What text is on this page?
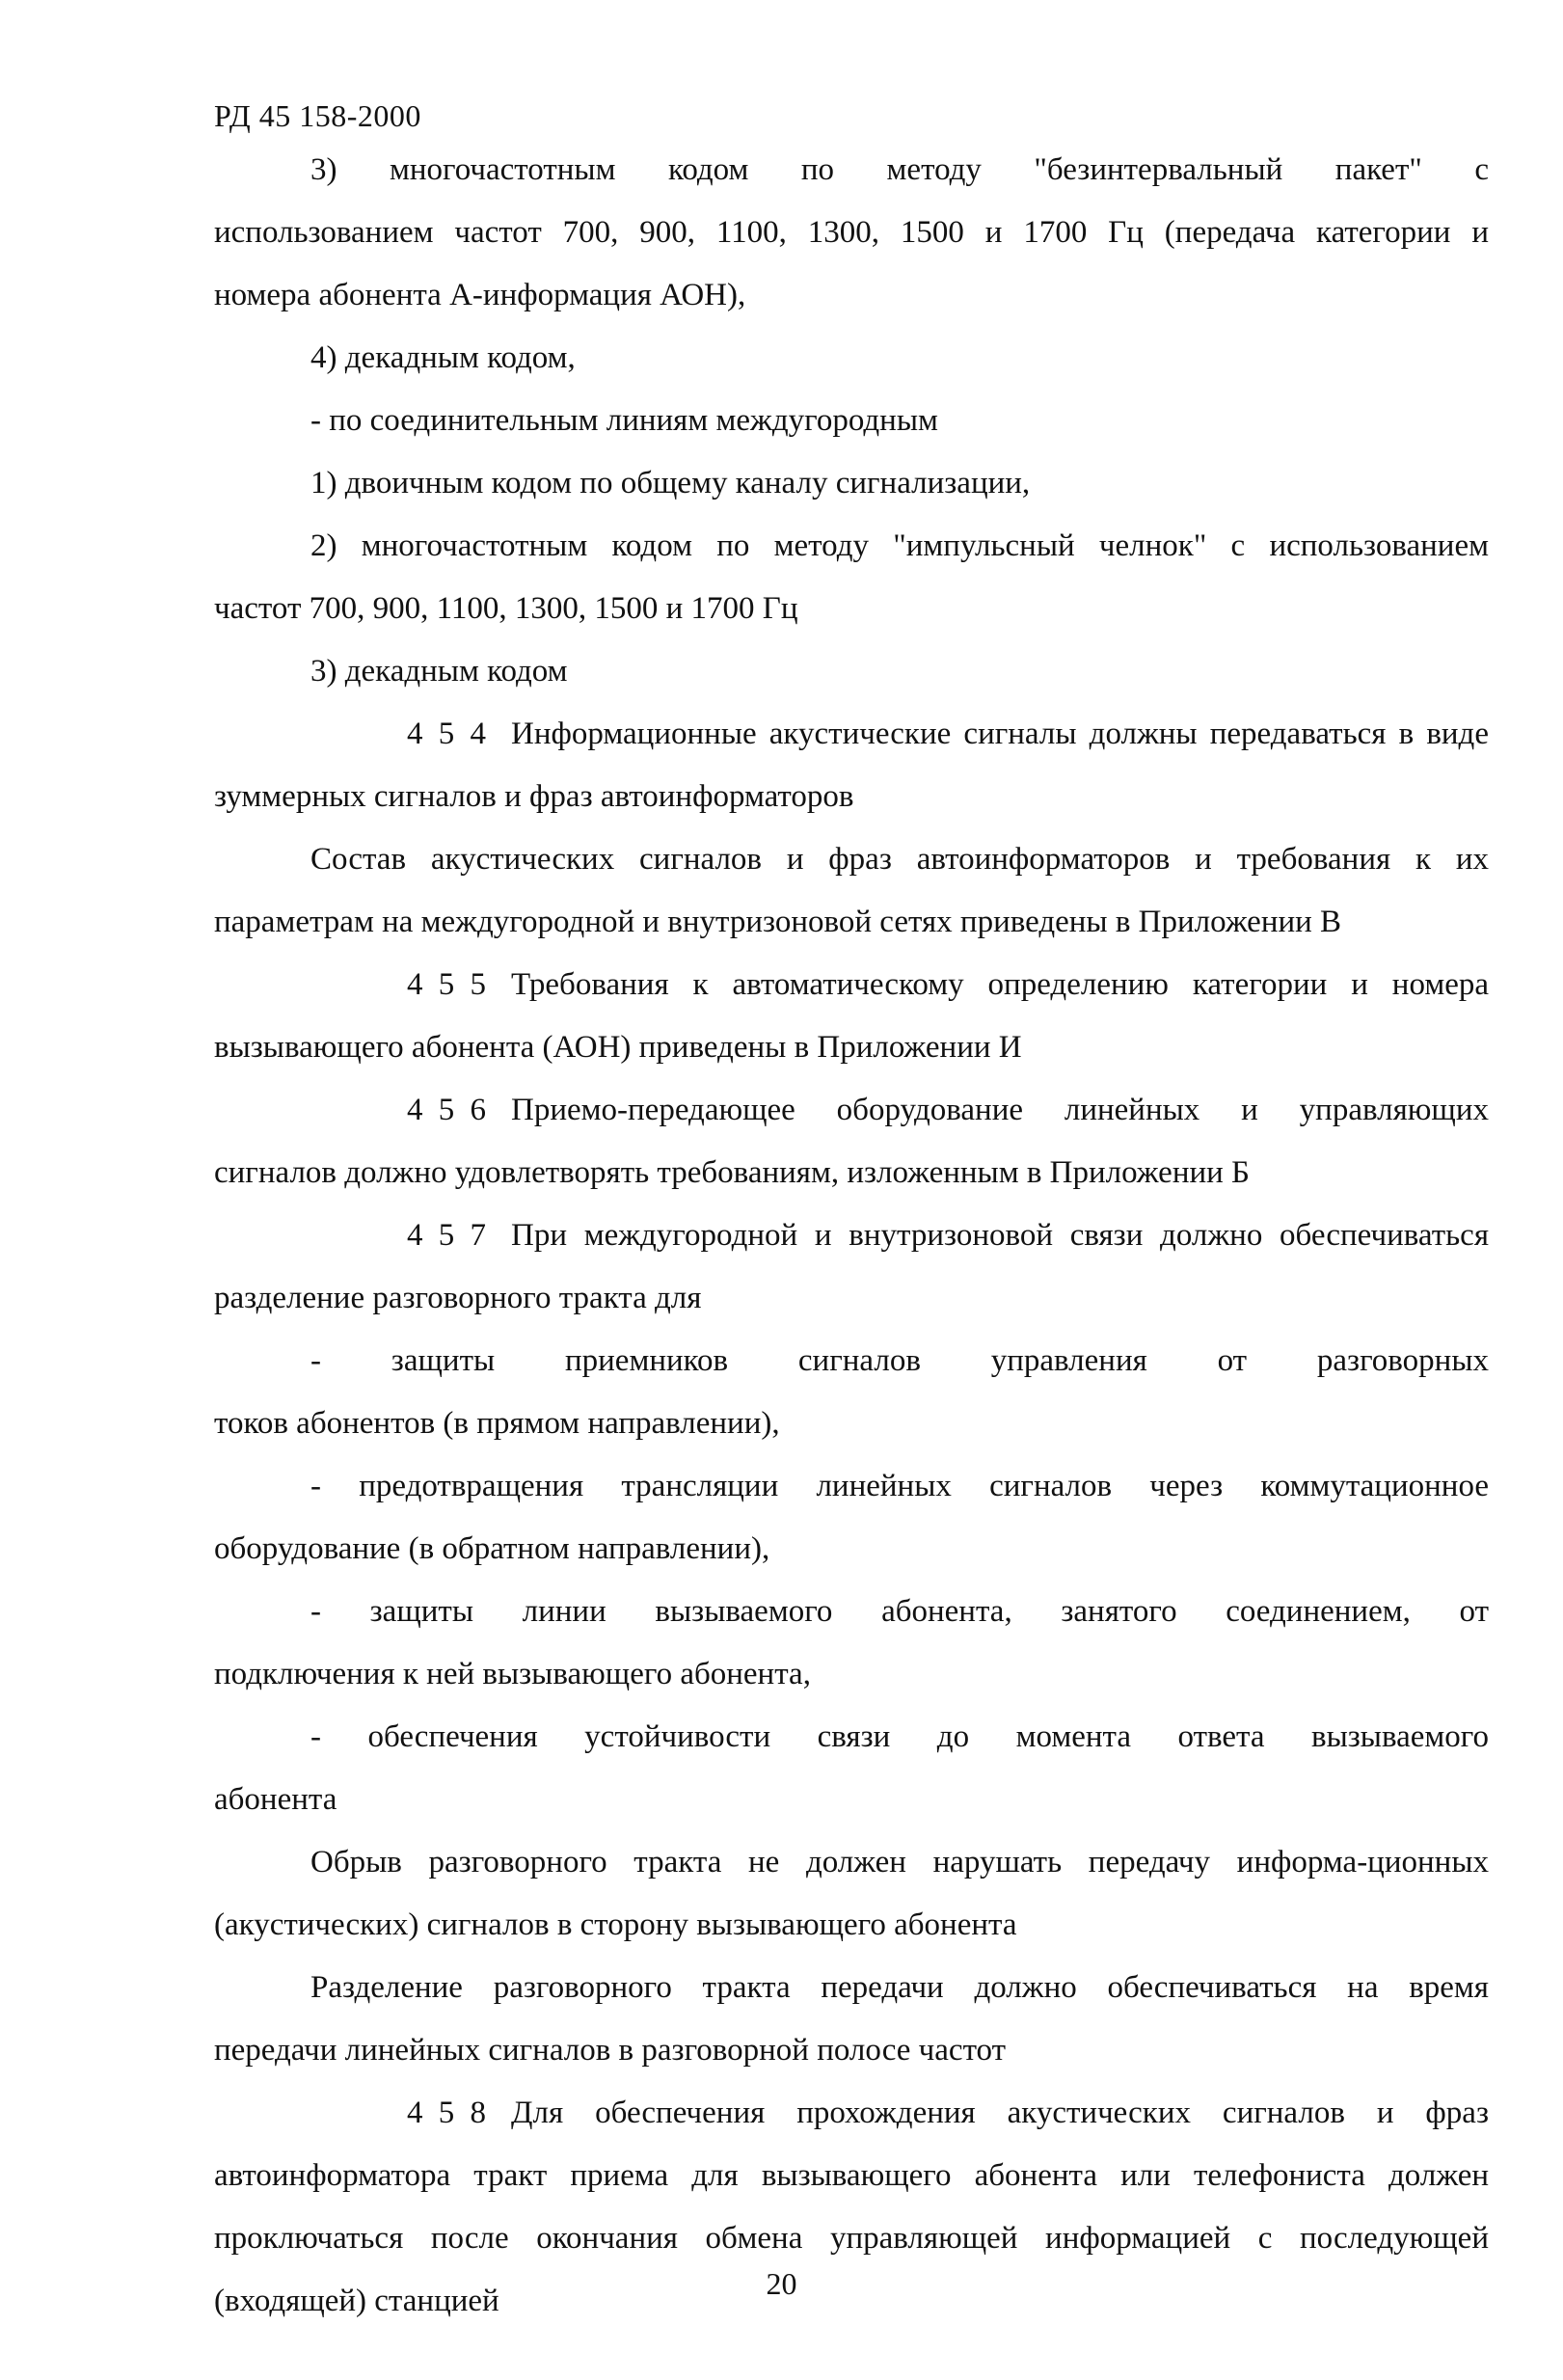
РД 45 158-2000

3) многочастотным кодом по методу "безинтервальный пакет" с

использованием частот 700, 900, 1100, 1300, 1500 и 1700 Гц (передача категории и

номера абонента А-информация АОН),

4) декадным кодом,

- по соединительным линиям междугородным

1) двоичным кодом по общему каналу сигнализации,

2) многочастотным кодом по методу "импульсный челнок" с использованием

частот 700, 900, 1100, 1300, 1500 и 1700 Гц

3) декадным кодом

4 5 4 Информационные акустические сигналы должны передаваться в виде

зуммерных сигналов и фраз автоинформаторов

Состав акустических сигналов и фраз автоинформаторов и требования к их

параметрам на междугородной и внутризоновой сетях приведены в Приложении В

4 5 5 Требования к автоматическому определению категории и номера

вызывающего абонента (АОН) приведены в Приложении И

4 5 6 Приемо-передающее оборудование линейных и управляющих

сигналов должно удовлетворять требованиям, изложенным в Приложении Б

4 5 7 При междугородной и внутризоновой связи должно обеспечиваться

разделение разговорного тракта для

- защиты приемников сигналов управления от разговорных

токов абонентов (в прямом направлении),

- предотвращения трансляции линейных сигналов через коммутационное

оборудование (в обратном направлении),

- защиты линии вызываемого абонента, занятого соединением, от

подключения к ней вызывающего абонента,

- обеспечения устойчивости связи до момента ответа вызываемого

абонента

Обрыв разговорного тракта не должен нарушать передачу информа-ционных

(акустических) сигналов в сторону вызывающего абонента

Разделение разговорного тракта передачи должно обеспечиваться на время

передачи линейных сигналов в разговорной полосе частот

4 5 8 Для обеспечения прохождения акустических сигналов и фраз

автоинформатора тракт приема для вызывающего абонента или телефониста должен

проключаться после окончания обмена управляющей информацией с последующей

(входящей) станцией	20
